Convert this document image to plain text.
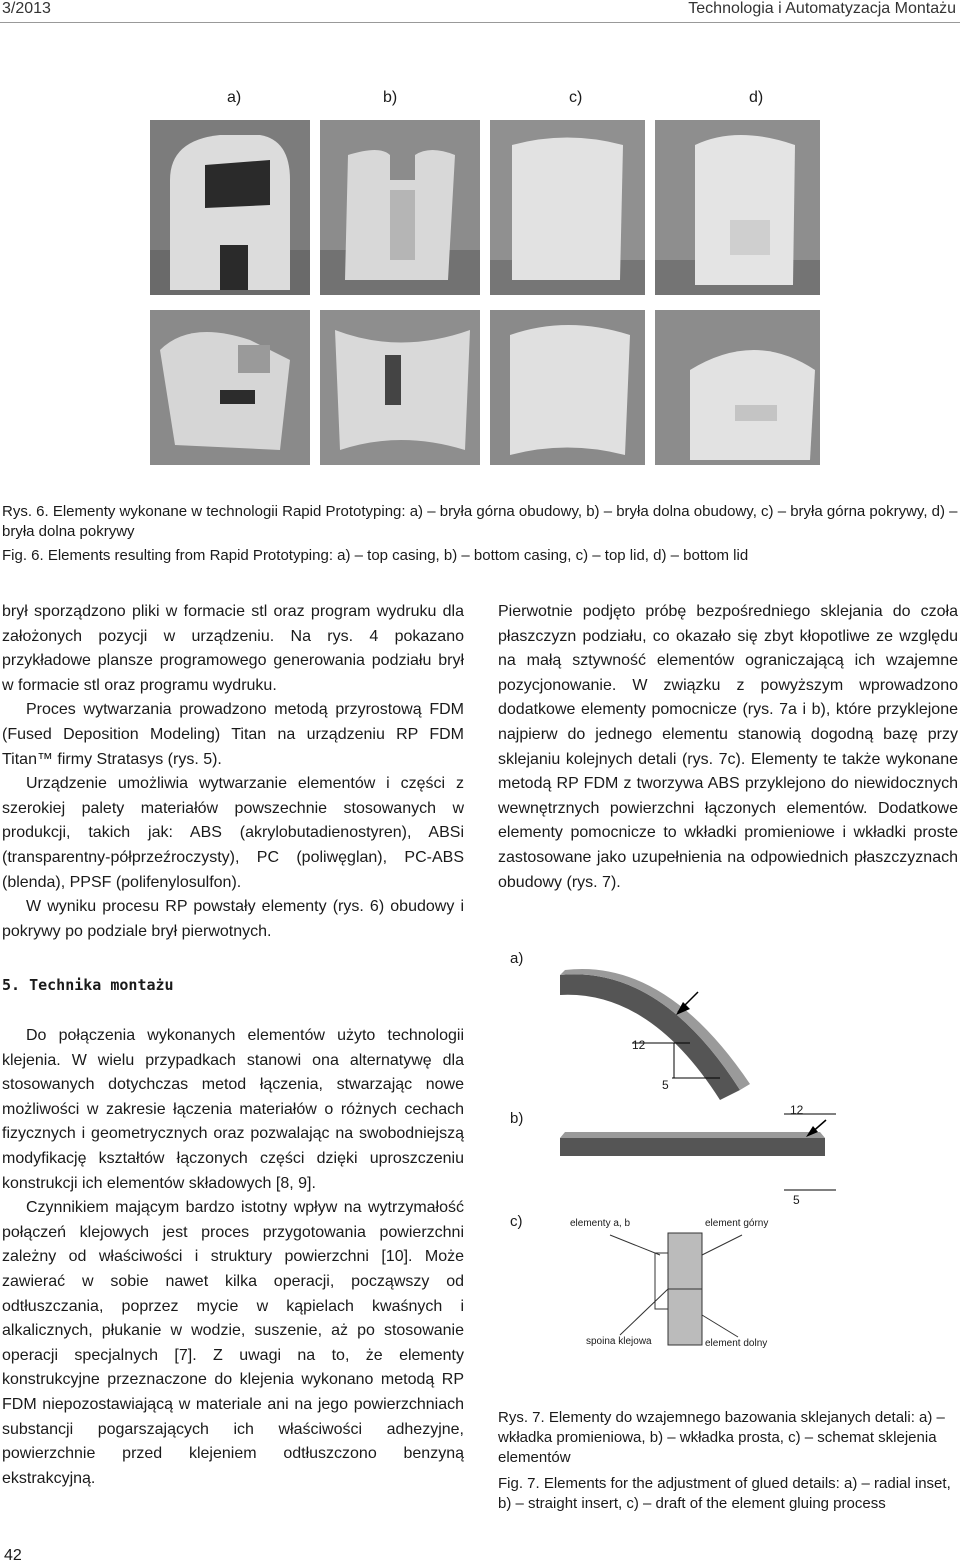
3/2013	Technologia i Automatyzacja Montażu
a)	b)	c)	d)
Rys. 6. Elementy wykonane w technologii Rapid Prototyping: a) – bryła górna obudowy, b) – bryła dolna obudowy, c) – bryła górna pokrywy, d) – bryła dolna pokrywy
Fig. 6. Elements resulting from Rapid Prototyping: a) – top casing, b) – bottom casing, c) – top lid, d) – bottom lid

brył sporządzono pliki w formacie stl oraz program wydruku dla założonych pozycji w urządzeniu. Na rys. 4 pokazano przykładowe plansze programowego generowania podziału brył w formacie stl oraz programu wydruku.

Proces wytwarzania prowadzono metodą przyrostową FDM (Fused Deposition Modeling) Titan na urządzeniu RP FDM Titan™ firmy Stratasys (rys. 5).

Urządzenie umożliwia wytwarzanie elementów i części z szerokiej palety materiałów powszechnie stosowanych w produkcji, takich jak: ABS (akrylobutadienostyren), ABSi (transparentny-półprzeźroczysty), PC (poliwęglan), PC-ABS (blenda), PPSF (polifenylosulfon).

W wyniku procesu RP powstały elementy (rys. 6) obudowy i pokrywy po podziale brył pierwotnych.

5. Technika montażu

Do połączenia wykonanych elementów użyto technologii klejenia. W wielu przypadkach stanowi ona alternatywę dla stosowanych dotychczas metod łączenia, stwarzając nowe możliwości w zakresie łączenia materiałów o różnych cechach fizycznych i geometrycznych oraz pozwalając na swobodniejszą modyfikację kształtów łączonych części dzięki uproszczeniu konstrukcji ich elementów składowych [8, 9].

Czynnikiem mającym bardzo istotny wpływ na wytrzymałość połączeń klejowych jest proces przygotowania powierzchni zależny od właściwości i struktury powierzchni [10]. Może zawierać w sobie nawet kilka operacji, począwszy od odtłuszczania, poprzez mycie w kąpielach kwaśnych i alkalicznych, płukanie w wodzie, suszenie, aż po stosowanie operacji specjalnych [7]. Z uwagi na to, że elementy konstrukcyjne przeznaczone do klejenia wykonano metodą RP FDM niepozostawiającą w materiale ani na jego powierzchniach substancji pogarszających ich właściwości adhezyjne, powierzchnie przed klejeniem odtłuszczono benzyną ekstrakcyjną.

Pierwotnie podjęto próbę bezpośredniego sklejania do czoła płaszczyzn podziału, co okazało się zbyt kłopotliwe ze względu na małą sztywność elementów ograniczającą ich wzajemne pozycjonowanie. W związku z powyższym wprowadzono dodatkowe elementy pomocnicze (rys. 7a i b), które przyklejone najpierw do jednego elementu stanowią dogodną bazę przy sklejaniu kolejnych detali (rys. 7c). Elementy te także wykonane metodą RP FDM z tworzywa ABS przyklejono do niewidocznych wewnętrznych powierzchni łączonych elementów. Dodatkowe elementy pomocnicze to wkładki promieniowe i wkładki proste zastosowane jako uzupełnienia na odpowiednich płaszczyznach obudowy (rys. 7).

a)
b)
c)
12
5
12
5
elementy a, b	element górny
spoina klejowa	element dolny
Rys. 7. Elementy do wzajemnego bazowania sklejanych detali: a) – wkładka promieniowa, b) – wkładka prosta, c) – schemat sklejenia elementów
Fig. 7. Elements for the adjustment of glued details: a) – radial inset, b) – straight insert, c) – draft of the element gluing process
42
